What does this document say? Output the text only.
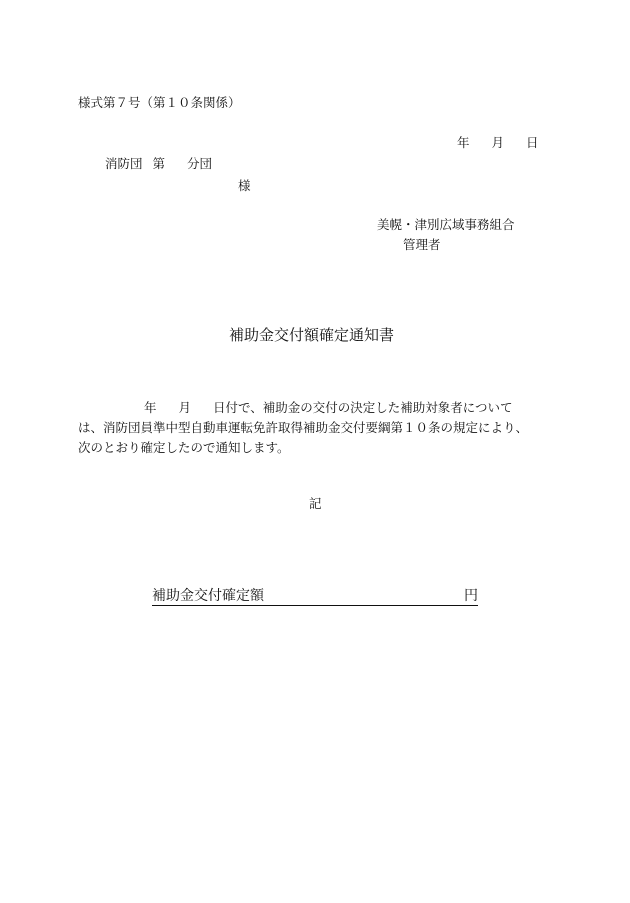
様式第７号（第１０条関係）
年 月 日
消防団 第 分団
様
美幌・津別広域事務組合
管理者
補助金交付額確定通知書
年 月 日付で、補助金の交付の決定した補助対象者について
は、消防団員準中型自動車運転免許取得補助金交付要綱第１０条の規定により、
次のとおり確定したので通知します。
記
補助金交付確定額	円
